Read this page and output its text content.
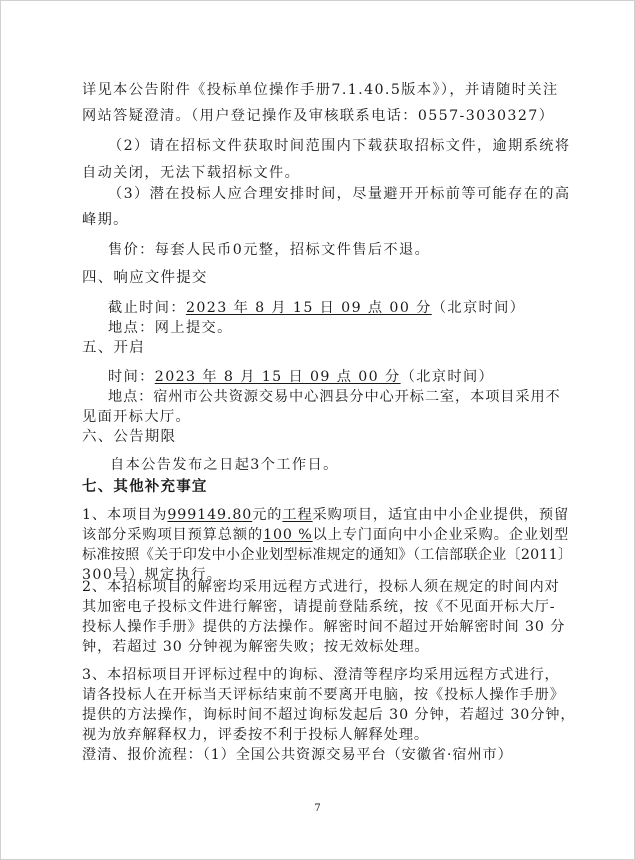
详见本公告附件《投标单位操作手册7.1.40.5版本》），并请随时关注
网站答疑澄清。（用户登记操作及审核联系电话：0557-3030327）
（2）请在招标文件获取时间范围内下载获取招标文件，逾期系统将
自动关闭，无法下载招标文件。
（3）潜在投标人应合理安排时间，尽量避开开标前等可能存在的高
峰期。
售价：每套人民币0元整，招标文件售后不退。
四、响应文件提交
截止时间：2023 年 8 月 15 日 09 点 00 分（北京时间）
地点：网上提交。
五、开启
时间：2023 年 8 月 15 日 09 点 00 分（北京时间）
地点：宿州市公共资源交易中心泗县分中心开标二室，本项目采用不
见面开标大厅。
六、公告期限
自本公告发布之日起3个工作日。
七、其他补充事宜
1、本项目为999149.80元的工程采购项目，适宜由中小企业提供，预留
该部分采购项目预算总额的100 %以上专门面向中小企业采购。企业划型
标准按照《关于印发中小企业划型标准规定的通知》（工信部联企业〔2011〕
300号）规定执行。
2、本招标项目的解密均采用远程方式进行，投标人须在规定的时间内对
其加密电子投标文件进行解密，请提前登陆系统，按《不见面开标大厅-
投标人操作手册》提供的方法操作。解密时间不超过开始解密时间 30 分
钟，若超过 30 分钟视为解密失败；按无效标处理。
3、本招标项目开评标过程中的询标、澄清等程序均采用远程方式进行，
请各投标人在开标当天评标结束前不要离开电脑，按《投标人操作手册》
提供的方法操作，询标时间不超过询标发起后 30 分钟，若超过 30分钟，
视为放弃解释权力，评委按不利于投标人解释处理。
澄清、报价流程：（1）全国公共资源交易平台（安徽省·宿州市）
7
